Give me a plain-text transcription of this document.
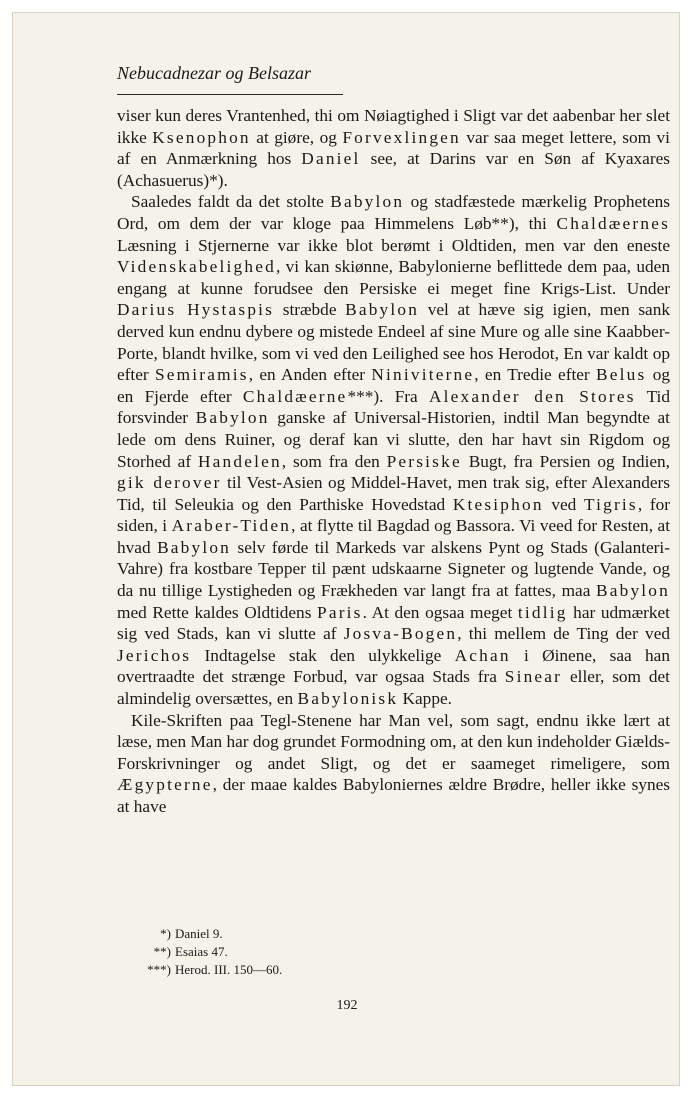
Nebucadnezar og Belsazar

viser kun deres Vrantenhed, thi om Nøiagtighed i Sligt var det aabenbar her slet ikke Ksenophon at giøre, og Forvexlingen var saa meget lettere, som vi af en Anmærkning hos Daniel see, at Darins var en Søn af Kyaxares (Achasuerus)*).

Saaledes faldt da det stolte Babylon og stadfæstede mærkelig Prophetens Ord, om dem der var kloge paa Himmelens Løb**), thi Chaldæernes Læsning i Stjernerne var ikke blot berømt i Oldtiden, men var den eneste Videnskabelighed, vi kan skiønne, Babylonierne beflittede dem paa, uden engang at kunne forudsee den Persiske ei meget fine Krigs-List. Under Darius Hystaspis stræbde Babylon vel at hæve sig igien, men sank derved kun endnu dybere og mistede Endeel af sine Mure og alle sine Kaabber-Porte, blandt hvilke, som vi ved den Leilighed see hos Herodot, En var kaldt op efter Semiramis, en Anden efter Niniviterne, en Tredie efter Belus og en Fjerde efter Chaldæerne***). Fra Alexander den Stores Tid forsvinder Babylon ganske af Universal-Historien, indtil Man begyndte at lede om dens Ruiner, og deraf kan vi slutte, den har havt sin Rigdom og Storhed af Handelen, som fra den Persiske Bugt, fra Persien og Indien, gik derover til Vest-Asien og Middel-Havet, men trak sig, efter Alexanders Tid, til Seleukia og den Parthiske Hovedstad Ktesiphon ved Tigris, for siden, i Araber-Tiden, at flytte til Bagdad og Bassora. Vi veed for Resten, at hvad Babylon selv førde til Markeds var alskens Pynt og Stads (Galanteri-Vahre) fra kostbare Tepper til pænt udskaarne Signeter og lugtende Vande, og da nu tillige Lystigheden og Frækheden var langt fra at fattes, maa Babylon med Rette kaldes Oldtidens Paris. At den ogsaa meget tidlig har udmærket sig ved Stads, kan vi slutte af Josva-Bogen, thi mellem de Ting der ved Jerichos Indtagelse stak den ulykkelige Achan i Øinene, saa han overtraadte det strænge Forbud, var ogsaa Stads fra Sinear eller, som det almindelig oversættes, en Babylonisk Kappe.

Kile-Skriften paa Tegl-Stenene har Man vel, som sagt, endnu ikke lært at læse, men Man har dog grundet Formodning om, at den kun indeholder Giælds-Forskrivninger og andet Sligt, og det er saameget rimeligere, som Ægypterne, der maae kaldes Babyloniernes ældre Brødre, heller ikke synes at have

*) Daniel 9.
**) Esaias 47.
***) Herod. III. 150—60.
192
